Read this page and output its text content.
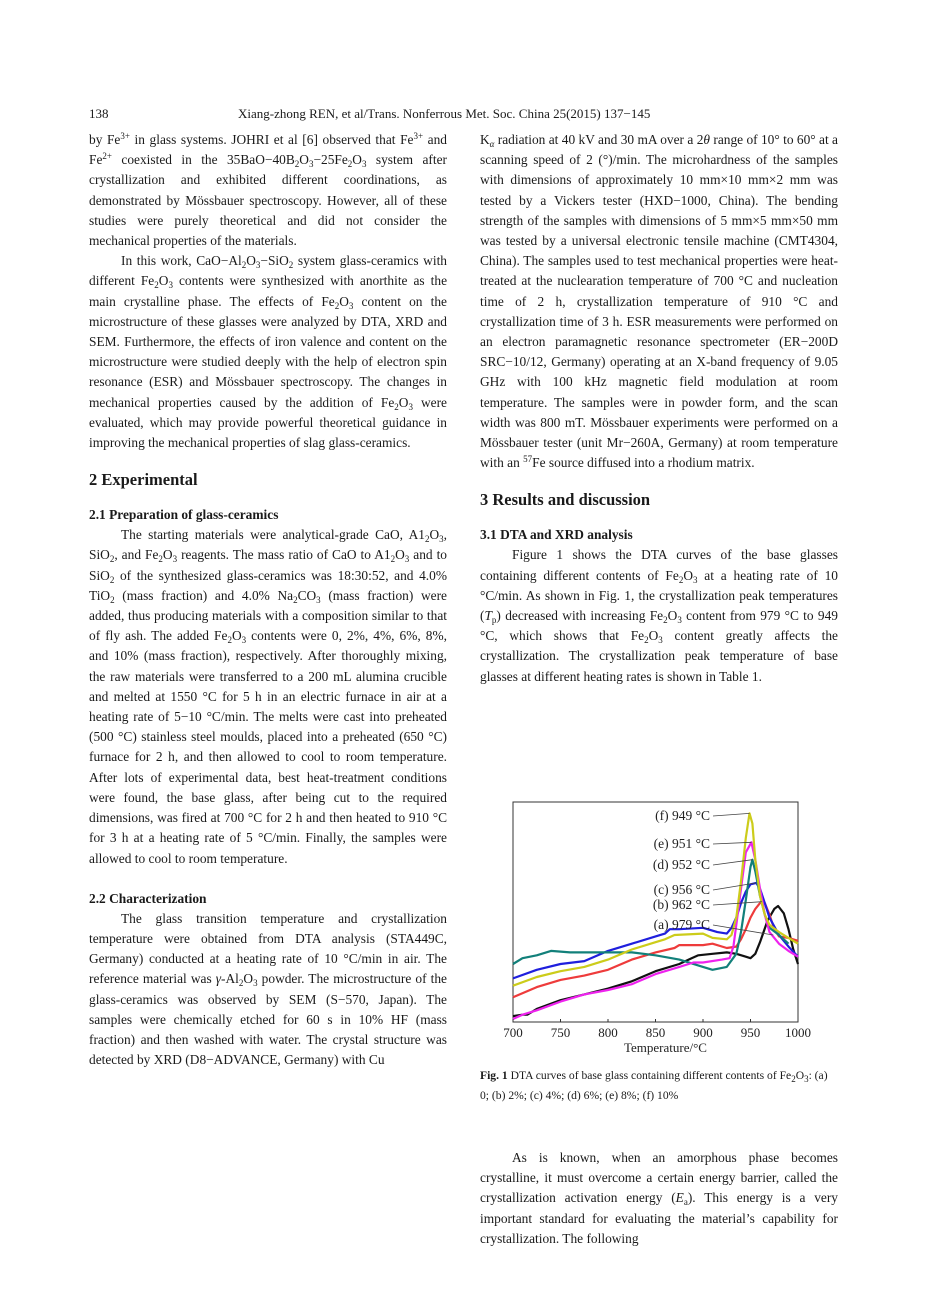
138	Xiang-zhong REN, et al/Trans. Nonferrous Met. Soc. China 25(2015) 137−145

by $Fe^{3+}$ in glass systems. JOHRI et al [6] observed that $Fe^{3+}$ and $Fe^{2+}$ coexisted in the $35BaO-40B_2O_3-25Fe_2O_3$ system after crystallization and exhibited different coordinations, as demonstrated by Mössbauer spectroscopy. However, all of these studies were purely theoretical and did not consider the mechanical properties of the materials.

In this work, $CaO-Al_2O_3-SiO_2$ system glass-ceramics with different $Fe_2O_3$ contents were synthesized with anorthite as the main crystalline phase. The effects of $Fe_2O_3$ content on the microstructure of these glasses were analyzed by DTA, XRD and SEM. Furthermore, the effects of iron valence and content on the microstructure were studied deeply with the help of electron spin resonance (ESR) and Mössbauer spectroscopy. The changes in mechanical properties caused by the addition of $Fe_2O_3$ were evaluated, which may provide powerful theoretical guidance in improving the mechanical properties of slag glass-ceramics.

2 Experimental
2.1 Preparation of glass-ceramics

The starting materials were analytical-grade CaO, $A1_2O_3$, SiO$_2$, and $Fe_2O_3$ reagents. The mass ratio of CaO to $A1_2O_3$ and to SiO$_2$ of the synthesized glass-ceramics was 18:30:52, and 4.0% TiO$_2$ (mass fraction) and 4.0% $Na_2CO_3$ (mass fraction) were added, thus producing materials with a composition similar to that of fly ash. The added $Fe_2O_3$ contents were 0, 2%, 4%, 6%, 8%, and 10% (mass fraction), respectively. After thoroughly mixing, the raw materials were transferred to a 200 mL alumina crucible and melted at 1550 °C for 5 h in an electric furnace in air at a heating rate of 5−10 °C/min. The melts were cast into preheated (500 °C) stainless steel moulds, placed into a preheated (650 °C) furnace for 2 h, and then allowed to cool to room temperature. After lots of experimental data, best heat-treatment conditions were found, the base glass, after being cut to the required dimensions, was fired at 700 °C for 2 h and then heated to 910 °C for 3 h at a heating rate of 5 °C/min. Finally, the samples were allowed to cool to room temperature.

2.2 Characterization

The glass transition temperature and crystallization temperature were obtained from DTA analysis (STA449C, Germany) conducted at a heating rate of 10 °C/min in air. The reference material was $\gamma-Al_2O_3$ powder. The microstructure of the glass-ceramics was observed by SEM (S−570, Japan). The samples were chemically etched for 60 s in 10% HF (mass fraction) and then washed with water. The crystal structure was detected by XRD (D8−ADVANCE, Germany) with Cu

$K_\alpha$ radiation at 40 kV and 30 mA over a 2θ range of 10° to 60° at a scanning speed of 2 (°)/min. The microhardness of the samples with dimensions of approximately 10 mm×10 mm×2 mm was tested by a Vickers tester (HXD−1000, China). The bending strength of the samples with dimensions of 5 mm×5 mm×50 mm was tested by a universal electronic tensile machine (CMT4304, China). The samples used to test mechanical properties were heat-treated at the nuclearation temperature of 700 °C and nucleation time of 2 h, crystallization temperature of 910 °C and crystallization time of 3 h. ESR measurements were performed on an electron paramagnetic resonance spectrometer (ER−200D SRC−10/12, Germany) operating at an X-band frequency of 9.05 GHz with 100 kHz magnetic field modulation at room temperature. The samples were in powder form, and the scan width was 800 mT. Mössbauer experiments were performed on a Mössbauer tester (unit Mr−260A, Germany) at room temperature with an $^{57}$Fe source diffused into a rhodium matrix.

3 Results and discussion
3.1 DTA and XRD analysis

Figure 1 shows the DTA curves of the base glasses containing different contents of $Fe_2O_3$ at a heating rate of 10 °C/min. As shown in Fig. 1, the crystallization peak temperatures $(T_p)$ decreased with increasing $Fe_2O_3$ content from 979 °C to 949 °C, which shows that $Fe_2O_3$ content greatly affects the crystallization. The crystallization peak temperature of base glasses at different heating rates is shown in Table 1.

(f) 949 °C
(e) 951 °C
(d) 952 °C
(c) 956 °C
(b) 962 °C
(a) 979 °C
700 750 800 850 900 950 1000
Temperature/°C
Fig. 1 DTA curves of base glass containing different contents of $Fe_2O_3$: (a) 0; (b) 2%; (c) 4%; (d) 6%; (e) 8%; (f) 10%

As is known, when an amorphous phase becomes crystalline, it must overcome a certain energy barrier, called the crystallization activation energy $(E_a)$. This energy is a very important standard for evaluating the material’s capability for crystallization. The following
